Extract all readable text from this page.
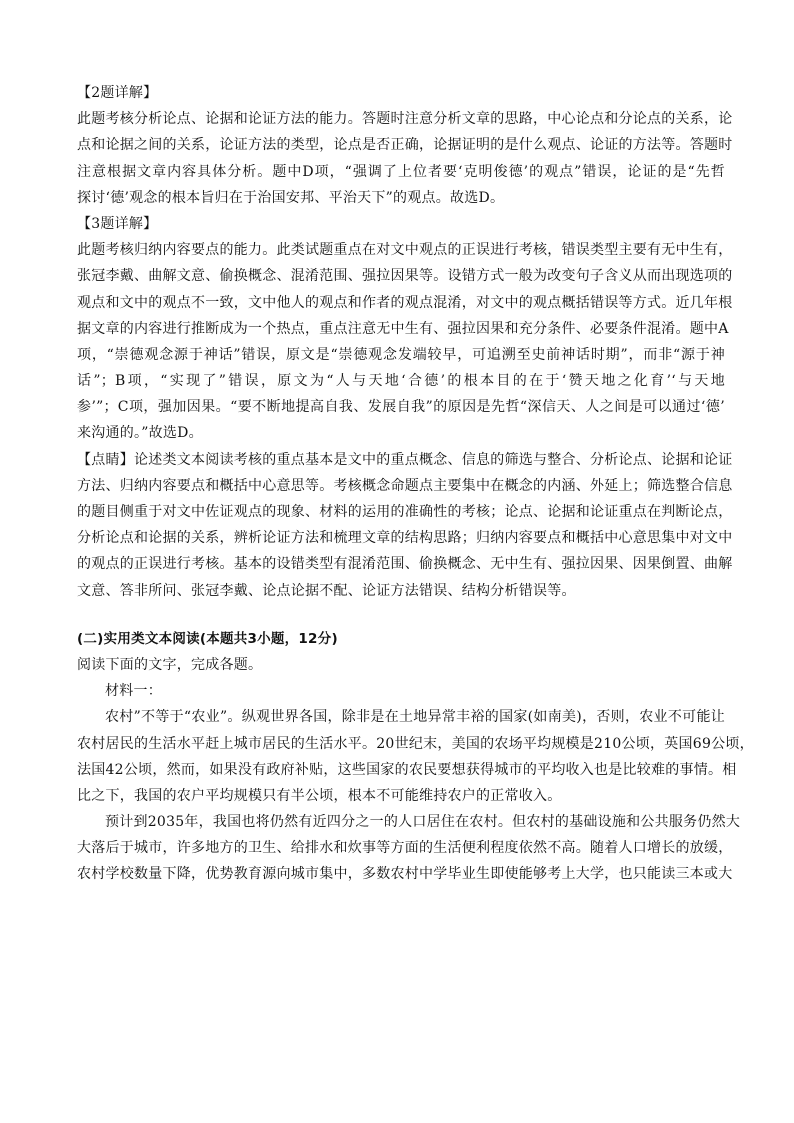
【2题详解】
此题考核分析论点、论据和论证方法的能力。答题时注意分析文章的思路，中心论点和分论点的关系，论
点和论据之间的关系，论证方法的类型，论点是否正确，论据证明的是什么观点、论证的方法等。答题时
注意根据文章内容具体分析。题中D项，“强调了上位者要‘克明俊德’的观点”错误，论证的是“先哲
探讨‘德’观念的根本旨归在于治国安邦、平治天下”的观点。故选D。
【3题详解】
此题考核归纳内容要点的能力。此类试题重点在对文中观点的正误进行考核，错误类型主要有无中生有，
张冠李戴、曲解文意、偷换概念、混淆范围、强拉因果等。设错方式一般为改变句子含义从而出现选项的
观点和文中的观点不一致，文中他人的观点和作者的观点混淆，对文中的观点概括错误等方式。近几年根
据文章的内容进行推断成为一个热点，重点注意无中生有、强拉因果和充分条件、必要条件混淆。题中A
项，“崇德观念源于神话”错误，原文是“崇德观念发端较早，可追溯至史前神话时期”，而非“源于神
话”；B项，“实现了”错误，原文为“人与天地‘合德’的根本目的在于‘赞天地之化育’‘与天地
参’”；C项，强加因果。“要不断地提高自我、发展自我”的原因是先哲“深信天、人之间是可以通过‘德’
来沟通的。”故选D。
【点睛】论述类文本阅读考核的重点基本是文中的重点概念、信息的筛选与整合、分析论点、论据和论证
方法、归纳内容要点和概括中心意思等。考核概念命题点主要集中在概念的内涵、外延上；筛选整合信息
的题目侧重于对文中佐证观点的现象、材料的运用的准确性的考核；论点、论据和论证重点在判断论点，
分析论点和论据的关系，辨析论证方法和梳理文章的结构思路；归纳内容要点和概括中心意思集中对文中
的观点的正误进行考核。基本的设错类型有混淆范围、偷换概念、无中生有、强拉因果、因果倒置、曲解
文意、答非所问、张冠李戴、论点论据不配、论证方法错误、结构分析错误等。
(二)实用类文本阅读(本题共3小题，12分)
阅读下面的文字，完成各题。
材料一：
农村”不等于“农业”。纵观世界各国，除非是在土地异常丰裕的国家(如南美)，否则，农业不可能让
农村居民的生活水平赶上城市居民的生活水平。20世纪末，美国的农场平均规模是210公顷，英国69公顷，
法国42公顷，然而，如果没有政府补贴，这些国家的农民要想获得城市的平均收入也是比较难的事情。相
比之下，我国的农户平均规模只有半公顷，根本不可能维持农户的正常收入。
预计到2035年，我国也将仍然有近四分之一的人口居住在农村。但农村的基础设施和公共服务仍然大
大落后于城市，许多地方的卫生、给排水和炊事等方面的生活便利程度依然不高。随着人口增长的放缓，
农村学校数量下降，优势教育源向城市集中，多数农村中学毕业生即使能够考上大学，也只能读三本或大
